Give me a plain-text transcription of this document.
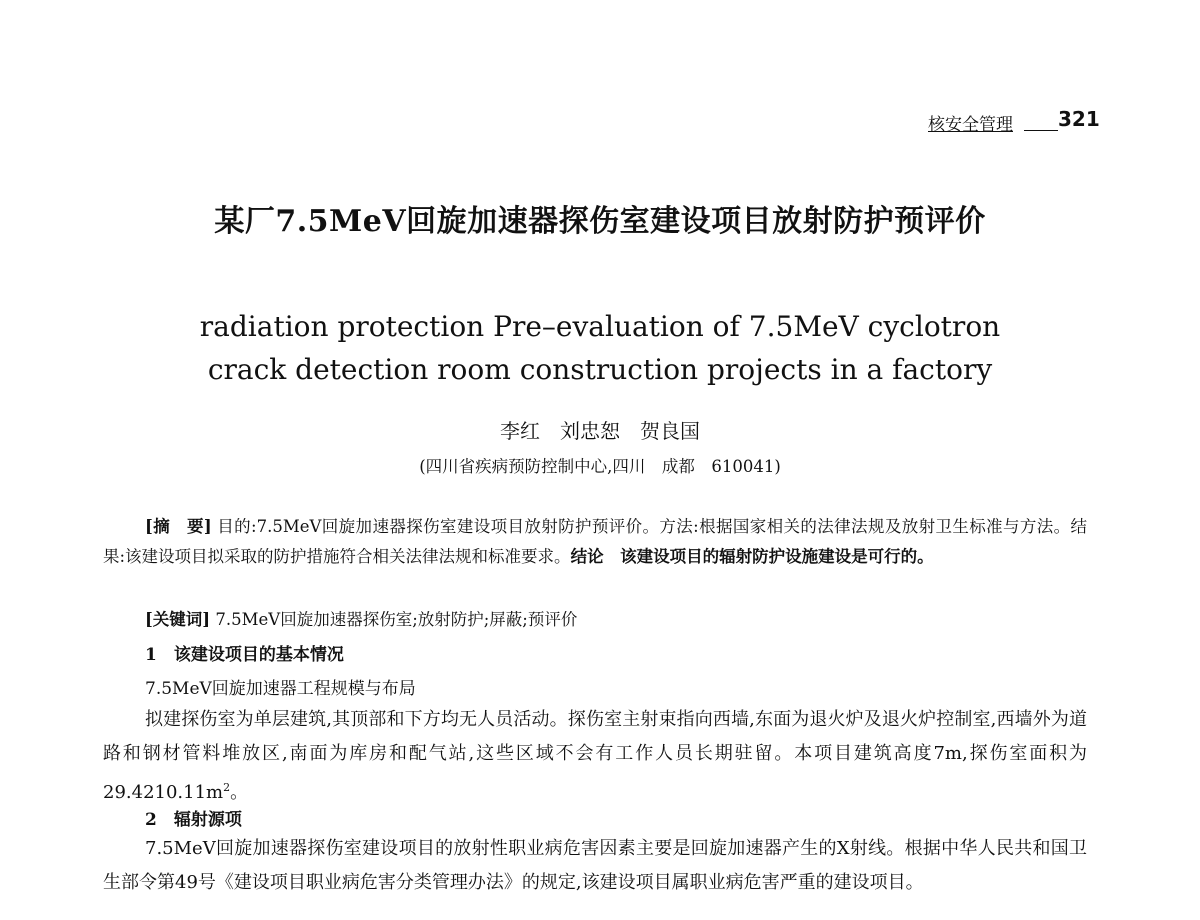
核安全管理 321
某厂7.5MeV回旋加速器探伤室建设项目放射防护预评价
radiation protection Pre–evaluation of 7.5MeV cyclotron
crack detection room construction projects in a factory
李红　刘忠恕　贺良国
(四川省疾病预防控制中心,四川　成都　610041)
[摘　要] 目的:7.5MeV回旋加速器探伤室建设项目放射防护预评价。方法:根据国家相关的法律法规及放射卫生标准与方法。结果:该建设项目拟采取的防护措施符合相关法律法规和标准要求。结论　该建设项目的辐射防护设施建设是可行的。
[关键词] 7.5MeV回旋加速器探伤室;放射防护;屏蔽;预评价
1　该建设项目的基本情况
7.5MeV回旋加速器工程规模与布局
拟建探伤室为单层建筑,其顶部和下方均无人员活动。探伤室主射束指向西墙,东面为退火炉及退火炉控制室,西墙外为道路和钢材管料堆放区,南面为库房和配气站,这些区域不会有工作人员长期驻留。本项目建筑高度7m,探伤室面积为$29.4210.11m^2$。
2　辐射源项
7.5MeV回旋加速器探伤室建设项目的放射性职业病危害因素主要是回旋加速器产生的X射线。根据中华人民共和国卫生部令第49号《建设项目职业病危害分类管理办法》的规定,该建设项目属职业病危害严重的建设项目。
